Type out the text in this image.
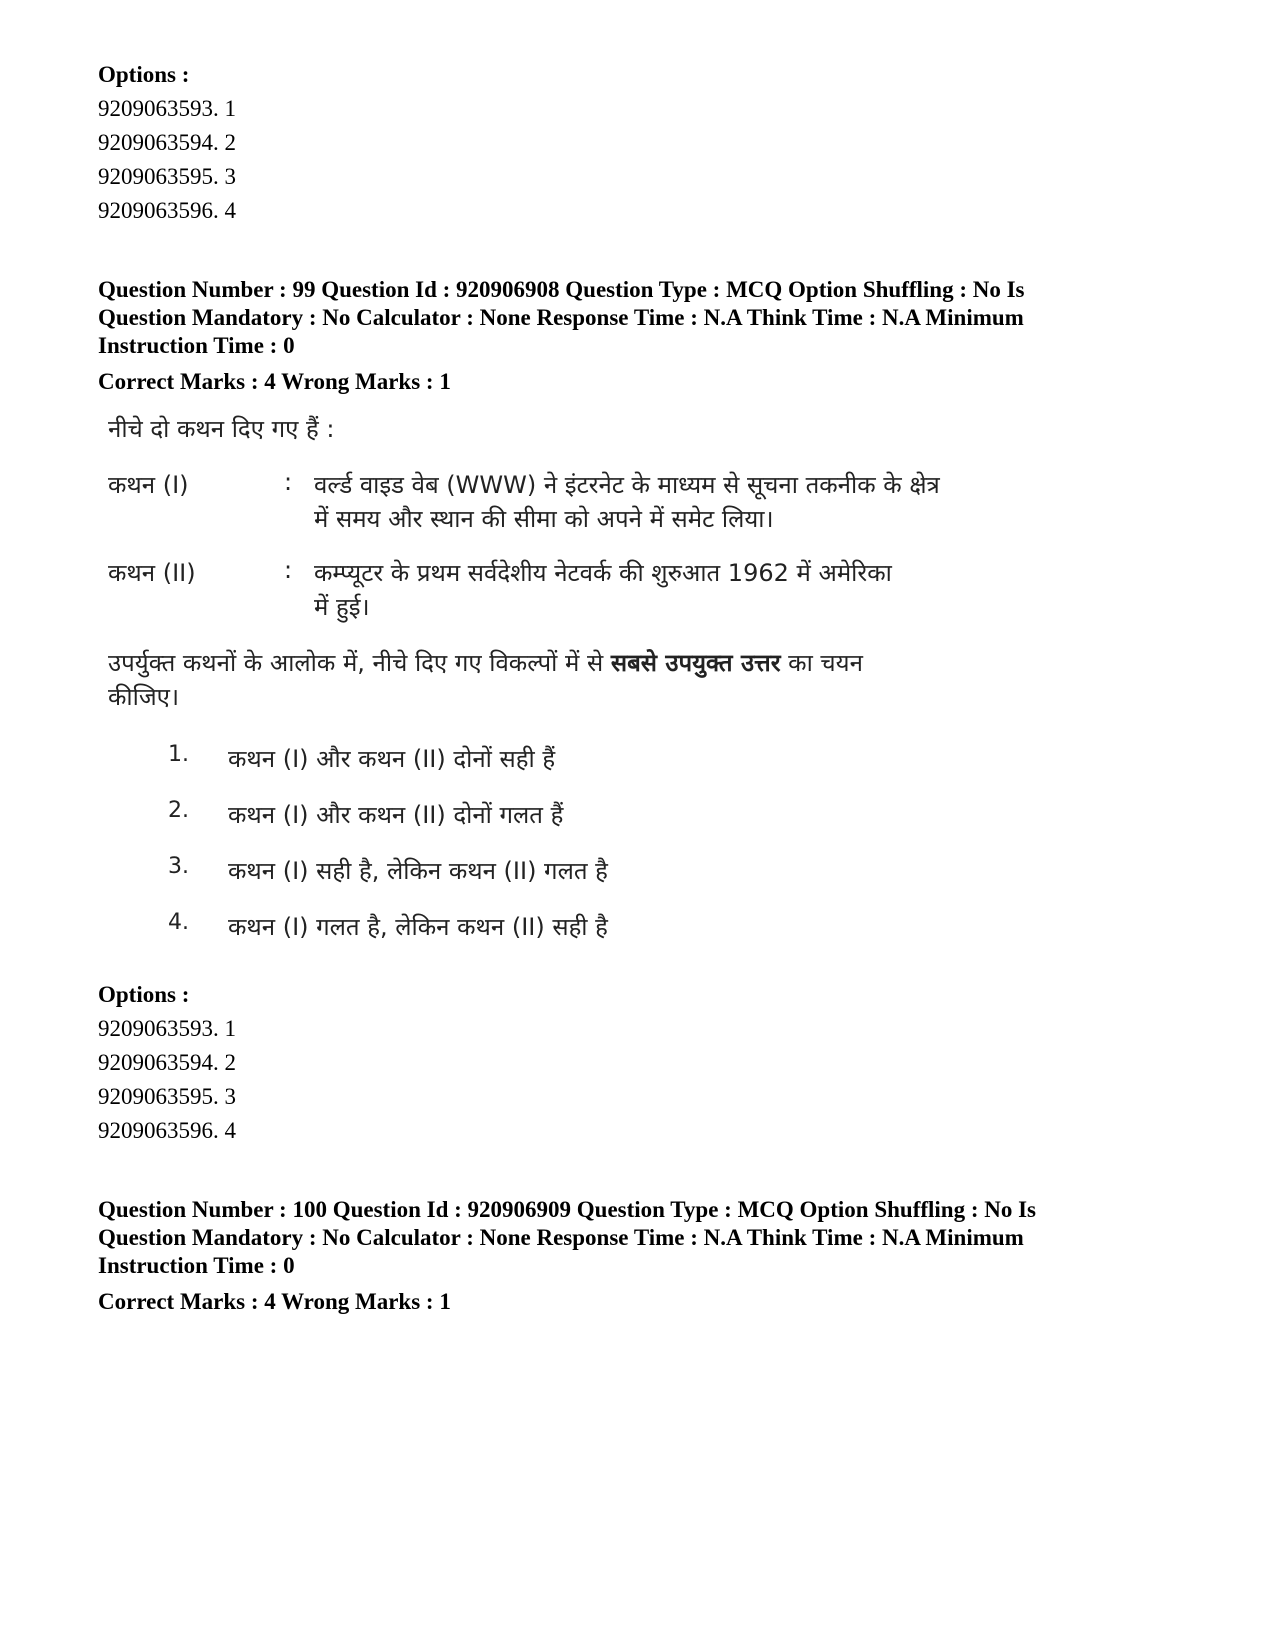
Options :

9209063593. 1

9209063594. 2

9209063595. 3

9209063596. 4

Question Number : 99 Question Id : 920906908 Question Type : MCQ Option Shuffling : No Is

Question Mandatory : No Calculator : None Response Time : N.A Think Time : N.A Minimum

Instruction Time : 0

Correct Marks : 4 Wrong Marks : 1

नीचे दो कथन दिए गए हैं :
कथन (I)	: वर्ल्ड वाइड वेब (WWW) ने इंटरनेट के माध्यम से सूचना तकनीक के क्षेत्र
में समय और स्थान की सीमा को अपने में समेट लिया।
कथन (II)	: कम्प्यूटर के प्रथम सर्वदेशीय नेटवर्क की शुरुआत 1962 में अमेरिका
में हुई।
उपर्युक्त कथनों के आलोक में, नीचे दिए गए विकल्पों में से सबसे उपयुक्त उत्तर का चयन
कीजिए।
1. कथन (I) और कथन (II) दोनों सही हैं
2. कथन (I) और कथन (II) दोनों गलत हैं
3. कथन (I) सही है, लेकिन कथन (II) गलत है
4. कथन (I) गलत है, लेकिन कथन (II) सही है

Options :

9209063593. 1

9209063594. 2

9209063595. 3

9209063596. 4

Question Number : 100 Question Id : 920906909 Question Type : MCQ Option Shuffling : No Is

Question Mandatory : No Calculator : None Response Time : N.A Think Time : N.A Minimum

Instruction Time : 0

Correct Marks : 4 Wrong Marks : 1
